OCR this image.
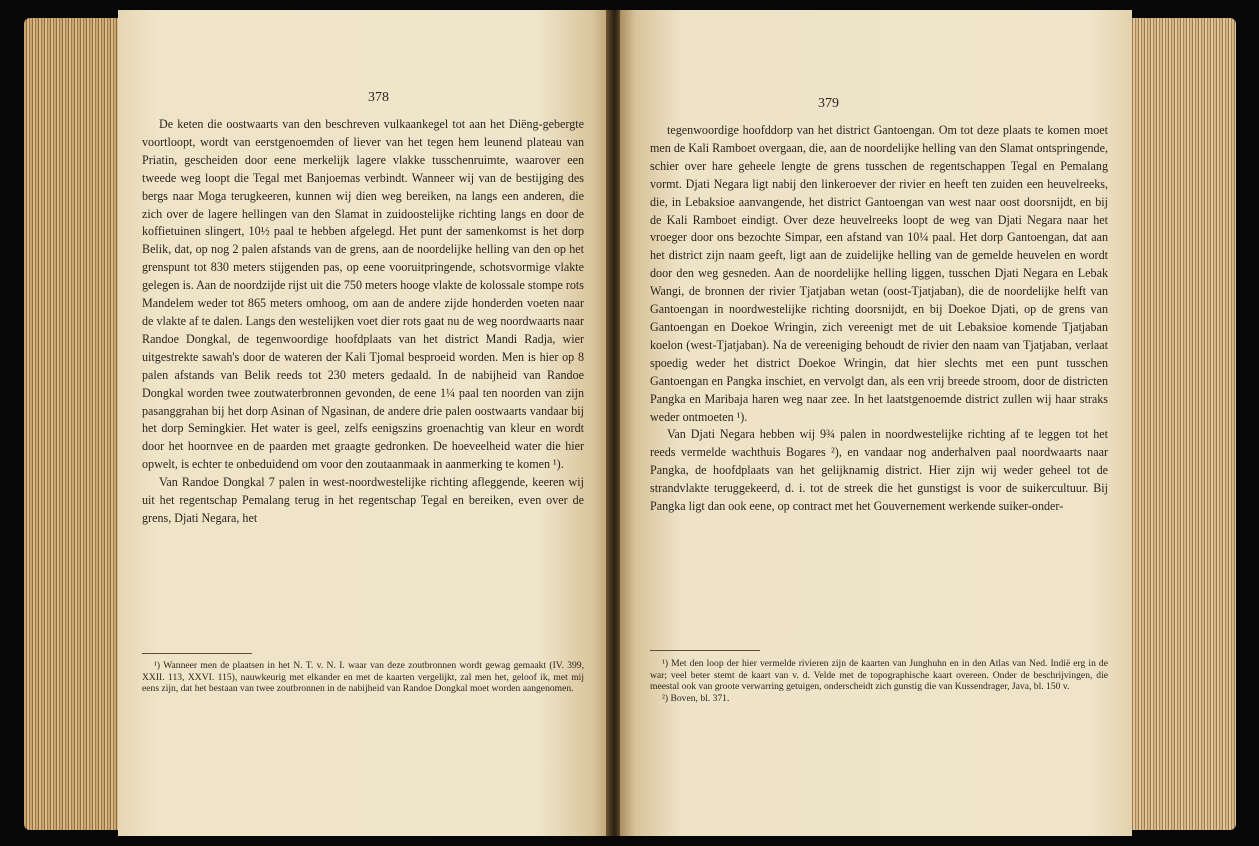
378

De keten die oostwaarts van den beschreven vulkaankegel tot aan het Diëng-gebergte voortloopt, wordt van eerstgenoemden of liever van het tegen hem leunend plateau van Priatin, gescheiden door eene merkelijk lagere vlakke tusschenruimte, waarover een tweede weg loopt die Tegal met Banjoemas verbindt. Wanneer wij van de bestijging des bergs naar Moga terugkeeren, kunnen wij dien weg bereiken, na langs een anderen, die zich over de lagere hellingen van den Slamat in zuidoostelijke richting langs en door de koffietuinen slingert, 10½ paal te hebben afgelegd. Het punt der samenkomst is het dorp Belik, dat, op nog 2 palen afstands van de grens, aan de noordelijke helling van den op het grenspunt tot 830 meters stijgenden pas, op eene vooruitpringende, schotsvormige vlakte gelegen is. Aan de noordzijde rijst uit die 750 meters hooge vlakte de kolossale stompe rots Mandelem weder tot 865 meters omhoog, om aan de andere zijde honderden voeten naar de vlakte af te dalen. Langs den westelijken voet dier rots gaat nu de weg noordwaarts naar Randoe Dongkal, de tegenwoordige hoofdplaats van het district Mandi Radja, wier uitgestrekte sawah's door de wateren der Kali Tjomal besproeid worden. Men is hier op 8 palen afstands van Belik reeds tot 230 meters gedaald. In de nabijheid van Randoe Dongkal worden twee zoutwaterbronnen gevonden, de eene 1¼ paal ten noorden van zijn pasanggrahan bij het dorp Asinan of Ngasinan, de andere drie palen oostwaarts vandaar bij het dorp Semingkier. Het water is geel, zelfs eenigszins groenachtig van kleur en wordt door het hoornvee en de paarden met graagte gedronken. De hoeveelheid water die hier opwelt, is echter te onbeduidend om voor den zoutaanmaak in aanmerking te komen ¹).

Van Randoe Dongkal 7 palen in west-noordwestelijke richting afleggende, keeren wij uit het regentschap Pemalang terug in het regentschap Tegal en bereiken, even over de grens, Djati Negara, het

¹) Wanneer men de plaatsen in het N. T. v. N. I. waar van deze zoutbronnen wordt gewag gemaakt (IV. 399, XXII. 113, XXVI. 115), nauwkeurig met elkander en met de kaarten vergelijkt, zal men het, geloof ik, met mij eens zijn, dat het bestaan van twee zoutbronnen in de nabijheid van Randoe Dongkal moet worden aangenomen.

379

tegenwoordige hoofddorp van het district Gantoengan. Om tot deze plaats te komen moet men de Kali Ramboet overgaan, die, aan de noordelijke helling van den Slamat ontspringende, schier over hare geheele lengte de grens tusschen de regentschappen Tegal en Pemalang vormt. Djati Negara ligt nabij den linkeroever der rivier en heeft ten zuiden een heuvelreeks, die, in Lebaksioe aanvangende, het district Gantoengan van west naar oost doorsnijdt, en bij de Kali Ramboet eindigt. Over deze heuvelreeks loopt de weg van Djati Negara naar het vroeger door ons bezochte Simpar, een afstand van 10¼ paal. Het dorp Gantoengan, dat aan het district zijn naam geeft, ligt aan de zuidelijke helling van de gemelde heuvelen en wordt door den weg gesneden. Aan de noordelijke helling liggen, tusschen Djati Negara en Lebak Wangi, de bronnen der rivier Tjatjaban wetan (oost-Tjatjaban), die de noordelijke helft van Gantoengan in noordwestelijke richting doorsnijdt, en bij Doekoe Djati, op de grens van Gantoengan en Doekoe Wringin, zich vereenigt met de uit Lebaksioe komende Tjatjaban koelon (west-Tjatjaban). Na de vereeniging behoudt de rivier den naam van Tjatjaban, verlaat spoedig weder het district Doekoe Wringin, dat hier slechts met een punt tusschen Gantoengan en Pangka inschiet, en vervolgt dan, als een vrij breede stroom, door de districten Pangka en Maribaja haren weg naar zee. In het laatstgenoemde district zullen wij haar straks weder ontmoeten ¹).

Van Djati Negara hebben wij 9¾ palen in noordwestelijke richting af te leggen tot het reeds vermelde wachthuis Bogares ²), en vandaar nog anderhalven paal noordwaarts naar Pangka, de hoofdplaats van het gelijknamig district. Hier zijn wij weder geheel tot de strandvlakte teruggekeerd, d. i. tot de streek die het gunstigst is voor de suikercultuur. Bij Pangka ligt dan ook eene, op contract met het Gouvernement werkende suiker-onder-

¹) Met den loop der hier vermelde rivieren zijn de kaarten van Junghuhn en in den Atlas van Ned. Indië erg in de war; veel beter stemt de kaart van v. d. Velde met de topographische kaart overeen. Onder de beschrijvingen, die meestal ook van groote verwarring getuigen, onderscheidt zich gunstig die van Kussendrager, Java, bl. 150 v.

²) Boven, bl. 371.
